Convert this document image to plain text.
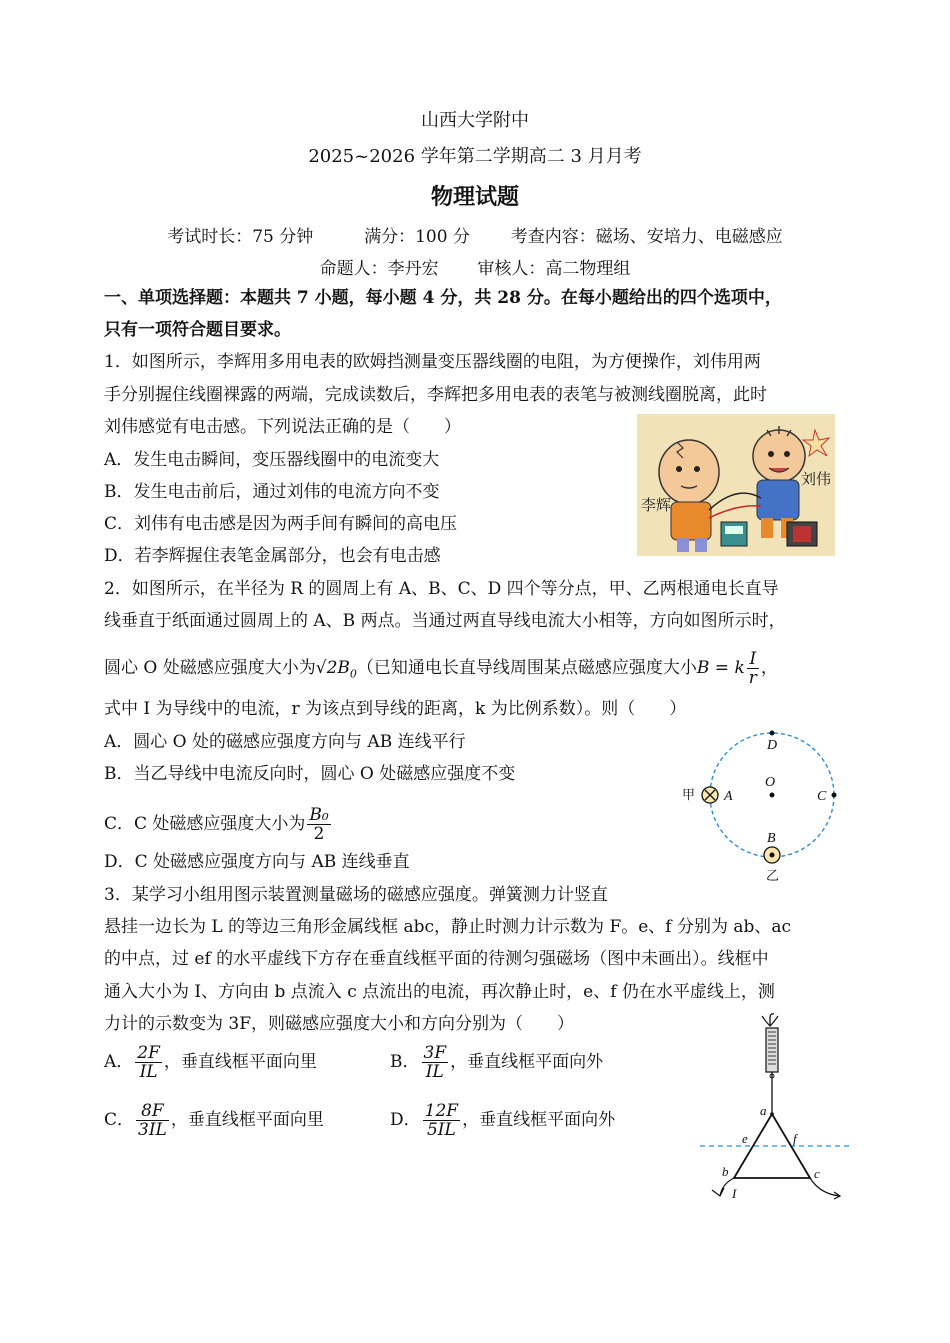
山西大学附中
2025~2026 学年第二学期高二 3 月月考
物理试题
考试时长：75 分钟	满分：100 分 考查内容：磁场、安培力、电磁感应
命题人：李丹宏 审核人：高二物理组
一、单项选择题：本题共 7 小题，每小题 4 分，共 28 分。在每小题给出的四个选项中，
只有一项符合题目要求。
1．如图所示，李辉用多用电表的欧姆挡测量变压器线圈的电阻，为方便操作，刘伟用两
手分别握住线圈裸露的两端，完成读数后，李辉把多用电表的表笔与被测线圈脱离，此时
刘伟感觉有电击感。下列说法正确的是（　　）
A．发生电击瞬间，变压器线圈中的电流变大
B．发生电击前后，通过刘伟的电流方向不变
C．刘伟有电击感是因为两手间有瞬间的高电压
D．若李辉握住表笔金属部分，也会有电击感
李辉
刘伟
2．如图所示，在半径为 R 的圆周上有 A、B、C、D 四个等分点，甲、乙两根通电长直导
线垂直于纸面通过圆周上的 A、B 两点。当通过两直导线电流大小相等，方向如图所示时，
圆心 O 处磁感应强度大小为$√2B_0$（已知通电长直导线周围某点磁感应强度大小B = k $\frac{I}{r}$ ，
式中 I 为导线中的电流，r 为该点到导线的距离，k 为比例系数）。则（　　）
A．圆心 O 处的磁感应强度方向与 AB 连线平行
B．当乙导线中电流反向时，圆心 O 处磁感应强度不变
C．C 处磁感应强度大小为 $\frac{\text{B₀}}{2}$
D．C 处磁感应强度方向与 AB 连线垂直
D
O
A	C
B
甲
乙
3．某学习小组用图示装置测量磁场的磁感应强度。弹簧测力计竖直
悬挂一边长为 L 的等边三角形金属线框 abc，静止时测力计示数为 F。e、f 分别为 ab、ac
的中点，过 ef 的水平虚线下方存在垂直线框平面的待测匀强磁场（图中未画出）。线框中
通入大小为 I、方向由 b 点流入 c 点流出的电流，再次静止时，e、f 仍在水平虚线上，测
力计的示数变为 3F，则磁感应强度大小和方向分别为（　　）
A． $\frac{2F}{IL}$ ，垂直线框平面向里	B． $\frac{3F}{IL}$ ，垂直线框平面向外
C． $\frac{8F}{3IL}$ ，垂直线框平面向里	D． $\frac{12F}{5IL}$ ，垂直线框平面向外	a
e	f
b	c
I
